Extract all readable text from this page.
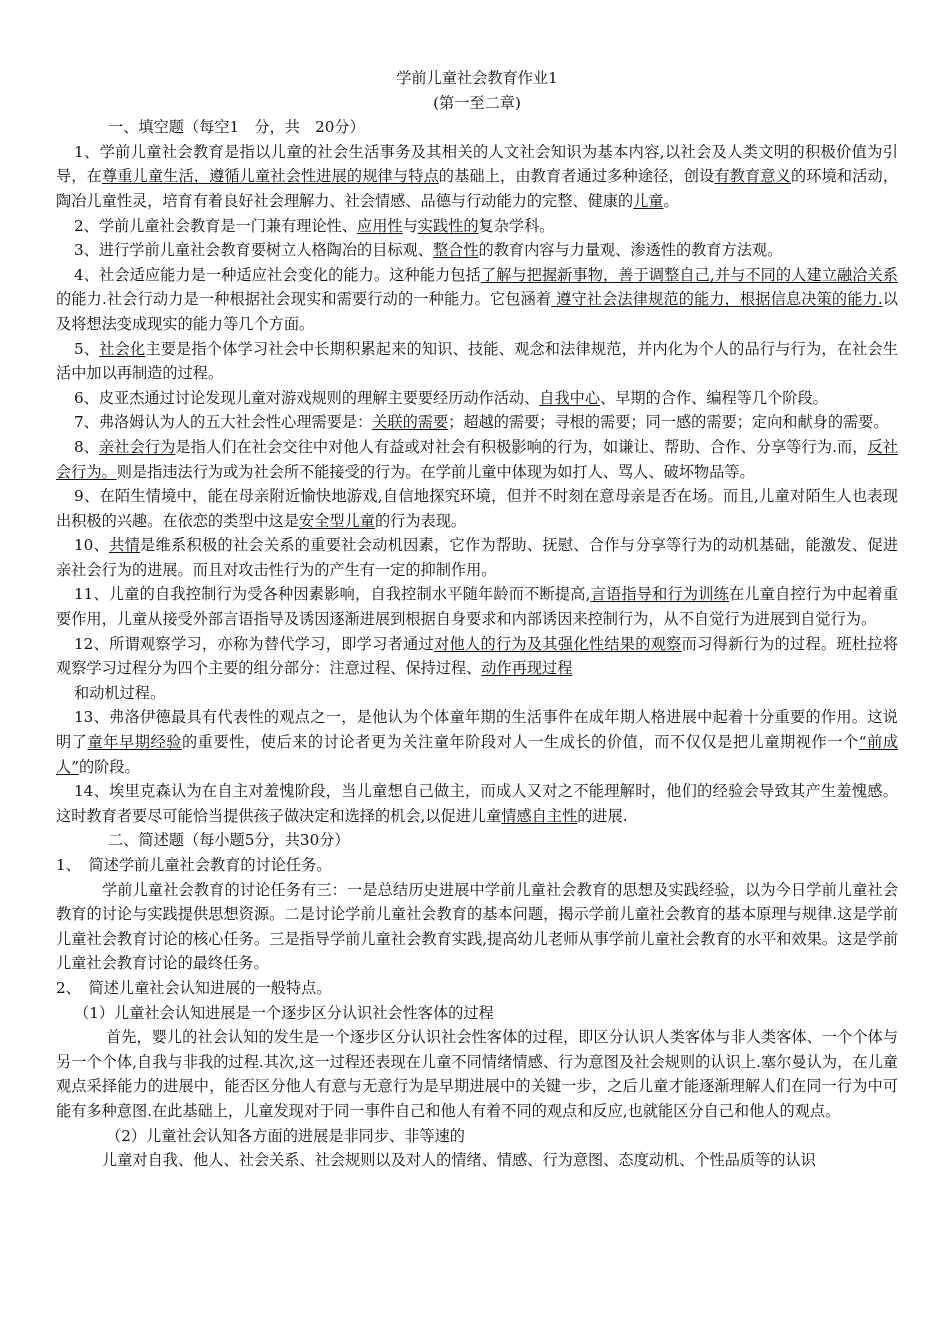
学前儿童社会教育作业1
(第一至二章)
一、填空题（每空1　分，共　20分）

1、学前儿童社会教育是指以儿童的社会生活事务及其相关的人文社会知识为基本内容,以社会及人类文明的积极价值为引导，在尊重儿童生活，遵循儿童社会性进展的规律与特点的基础上，由教育者通过多种途径，创设有教育意义的环境和活动，陶冶儿童性灵，培育有着良好社会理解力、社会情感、品德与行动能力的完整、健康的儿童。

2、学前儿童社会教育是一门兼有理论性、应用性与实践性的复杂学科。

3、进行学前儿童社会教育要树立人格陶冶的目标观、整合性的教育内容与力量观、渗透性的教育方法观。

4、社会适应能力是一种适应社会变化的能力。这种能力包括了解与把握新事物，善于调整自己,并与不同的人建立融洽关系的能力.社会行动力是一种根据社会现实和需要行动的一种能力。它包涵着 遵守社会法律规范的能力，根据信息决策的能力.以及将想法变成现实的能力等几个方面。

5、社会化主要是指个体学习社会中长期积累起来的知识、技能、观念和法律规范，并内化为个人的品行与行为，在社会生活中加以再制造的过程。

6、皮亚杰通过讨论发现儿童对游戏规则的理解主要要经历动作活动、自我中心、早期的合作、编程等几个阶段。

7、弗洛姆认为人的五大社会性心理需要是：关联的需要；超越的需要；寻根的需要；同一感的需要；定向和献身的需要。

8、亲社会行为是指人们在社会交往中对他人有益或对社会有积极影响的行为，如谦让、帮助、合作、分享等行为.而，反社会行为。则是指违法行为或为社会所不能接受的行为。在学前儿童中体现为如打人、骂人、破坏物品等。

9、在陌生情境中，能在母亲附近愉快地游戏,自信地探究环境，但并不时刻在意母亲是否在场。而且,儿童对陌生人也表现出积极的兴趣。在依恋的类型中这是安全型儿童的行为表现。

10、共情是维系积极的社会关系的重要社会动机因素，它作为帮助、抚慰、合作与分享等行为的动机基础，能激发、促进亲社会行为的进展。而且对攻击性行为的产生有一定的抑制作用。

11、儿童的自我控制行为受各种因素影响，自我控制水平随年龄而不断提高,言语指导和行为训练在儿童自控行为中起着重要作用，儿童从接受外部言语指导及诱因逐渐进展到根据自身要求和内部诱因来控制行为，从不自觉行为进展到自觉行为。

12、所谓观察学习，亦称为替代学习，即学习者通过对他人的行为及其强化性结果的观察而习得新行为的过程。班杜拉将观察学习过程分为四个主要的组分部分：注意过程、保持过程、动作再现过程

和动机过程。

13、弗洛伊德最具有代表性的观点之一，是他认为个体童年期的生活事件在成年期人格进展中起着十分重要的作用。这说明了童年早期经验的重要性，使后来的讨论者更为关注童年阶段对人一生成长的价值，而不仅仅是把儿童期视作一个“前成人”的阶段。

14、埃里克森认为在自主对羞愧阶段，当儿童想自己做主，而成人又对之不能理解时，他们的经验会导致其产生羞愧感。这时教育者要尽可能恰当提供孩子做决定和选择的机会,以促进儿童情感自主性的进展.

二、简述题（每小题5分，共30分）

1、　简述学前儿童社会教育的讨论任务。

学前儿童社会教育的讨论任务有三：一是总结历史进展中学前儿童社会教育的思想及实践经验，以为今日学前儿童社会教育的讨论与实践提供思想资源。二是讨论学前儿童社会教育的基本问题，揭示学前儿童社会教育的基本原理与规律.这是学前儿童社会教育讨论的核心任务。三是指导学前儿童社会教育实践,提高幼儿老师从事学前儿童社会教育的水平和效果。这是学前儿童社会教育讨论的最终任务。

2、　简述儿童社会认知进展的一般特点。

（1）儿童社会认知进展是一个逐步区分认识社会性客体的过程

首先，婴儿的社会认知的发生是一个逐步区分认识社会性客体的过程，即区分认识人类客体与非人类客体、一个个体与另一个个体,自我与非我的过程.其次,这一过程还表现在儿童不同情绪情感、行为意图及社会规则的认识上.塞尔曼认为，在儿童观点采择能力的进展中，能否区分他人有意与无意行为是早期进展中的关键一步，之后儿童才能逐渐理解人们在同一行为中可能有多种意图.在此基础上，儿童发现对于同一事件自己和他人有着不同的观点和反应,也就能区分自己和他人的观点。

（2）儿童社会认知各方面的进展是非同步、非等速的

儿童对自我、他人、社会关系、社会规则以及对人的情绪、情感、行为意图、态度动机、个性品质等的认识
